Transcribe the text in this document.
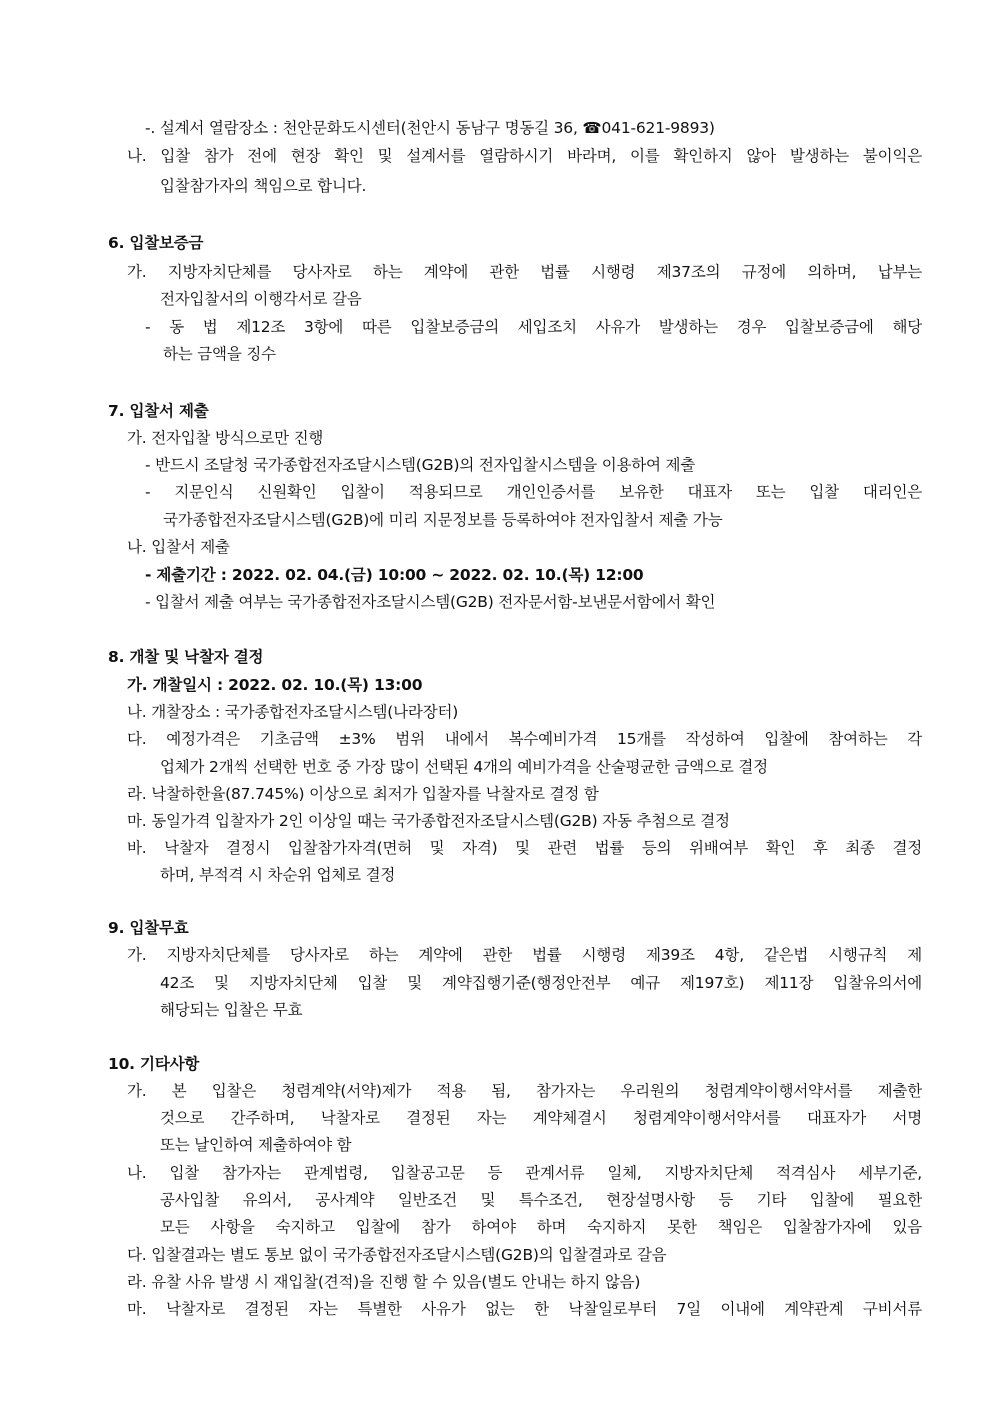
-. 설계서 열람장소 : 천안문화도시센터(천안시 동남구 명동길 36, ☎041-621-9893)
나. 입찰 참가 전에 현장 확인 및 설계서를 열람하시기 바라며, 이를 확인하지 않아 발생하는 불이익은
입찰참가자의 책임으로 합니다.
6. 입찰보증금
가. 지방자치단체를 당사자로 하는 계약에 관한 법률 시행령 제37조의 규정에 의하며, 납부는
전자입찰서의 이행각서로 갈음
- 동 법 제12조 3항에 따른 입찰보증금의 세입조치 사유가 발생하는 경우 입찰보증금에 해당
하는 금액을 징수
7. 입찰서 제출
가. 전자입찰 방식으로만 진행
- 반드시 조달청 국가종합전자조달시스템(G2B)의 전자입찰시스템을 이용하여 제출
- 지문인식 신원확인 입찰이 적용되므로 개인인증서를 보유한 대표자 또는 입찰 대리인은
국가종합전자조달시스템(G2B)에 미리 지문정보를 등록하여야 전자입찰서 제출 가능
나. 입찰서 제출
- 제출기간 : 2022. 02. 04.(금) 10:00 ~ 2022. 02. 10.(목) 12:00
- 입찰서 제출 여부는 국가종합전자조달시스템(G2B) 전자문서함-보낸문서함에서 확인
8. 개찰 및 낙찰자 결정
가. 개찰일시 : 2022. 02. 10.(목) 13:00
나. 개찰장소 : 국가종합전자조달시스템(나라장터)
다. 예정가격은 기초금액 ±3% 범위 내에서 복수예비가격 15개를 작성하여 입찰에 참여하는 각
업체가 2개씩 선택한 번호 중 가장 많이 선택된 4개의 예비가격을 산술평균한 금액으로 결정
라. 낙찰하한율(87.745%) 이상으로 최저가 입찰자를 낙찰자로 결정 함
마. 동일가격 입찰자가 2인 이상일 때는 국가종합전자조달시스템(G2B) 자동 추첨으로 결정
바. 낙찰자 결정시 입찰참가자격(면허 및 자격) 및 관련 법률 등의 위배여부 확인 후 최종 결정
하며, 부적격 시 차순위 업체로 결정
9. 입찰무효
가. 지방자치단체를 당사자로 하는 계약에 관한 법률 시행령 제39조 4항, 같은법 시행규칙 제
42조 및 지방자치단체 입찰 및 계약집행기준(행정안전부 예규 제197호) 제11장 입찰유의서에
해당되는 입찰은 무효
10. 기타사항
가. 본 입찰은 청렴계약(서약)제가 적용 됨, 참가자는 우리원의 청렴계약이행서약서를 제출한
것으로 간주하며, 낙찰자로 결정된 자는 계약체결시 청렴계약이행서약서를 대표자가 서명
또는 날인하여 제출하여야 함
나. 입찰 참가자는 관계법령, 입찰공고문 등 관계서류 일체, 지방자치단체 적격심사 세부기준,
공사입찰 유의서, 공사계약 일반조건 및 특수조건, 현장설명사항 등 기타 입찰에 필요한
모든 사항을 숙지하고 입찰에 참가 하여야 하며 숙지하지 못한 책임은 입찰참가자에 있음
다. 입찰결과는 별도 통보 없이 국가종합전자조달시스템(G2B)의 입찰결과로 갈음
라. 유찰 사유 발생 시 재입찰(견적)을 진행 할 수 있음(별도 안내는 하지 않음)
마. 낙찰자로 결정된 자는 특별한 사유가 없는 한 낙찰일로부터 7일 이내에 계약관계 구비서류
